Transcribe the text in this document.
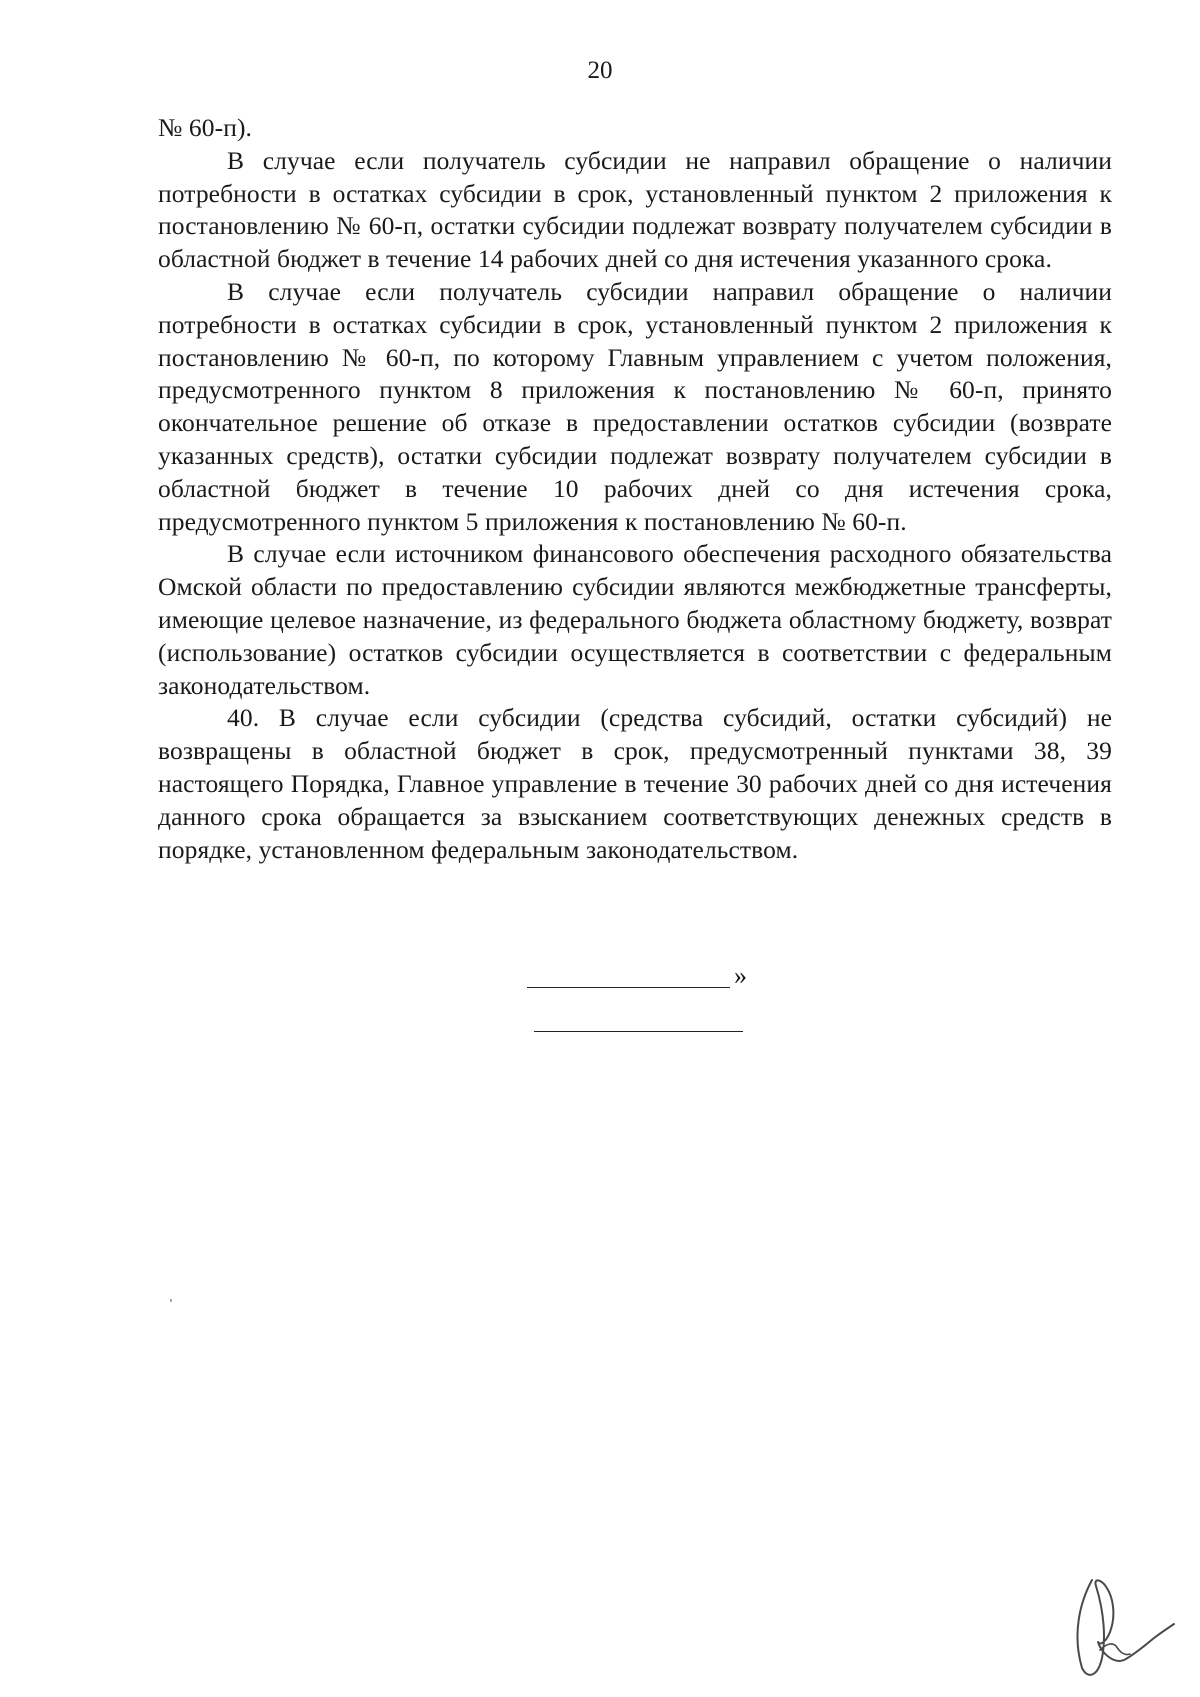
20

№ 60-п).

В случае если получатель субсидии не направил обращение о наличии потребности в остатках субсидии в срок, установленный пунктом 2 приложения к постановлению № 60-п, остатки субсидии подлежат возврату получателем субсидии в областной бюджет в течение 14 рабочих дней со дня истечения указанного срока.

В случае если получатель субсидии направил обращение о наличии потребности в остатках субсидии в срок, установленный пунктом 2 приложения к постановлению № 60-п, по которому Главным управлением с учетом положения, предусмотренного пунктом 8 приложения к постановлению № 60-п, принято окончательное решение об отказе в предоставлении остатков субсидии (возврате указанных средств), остатки субсидии подлежат возврату получателем субсидии в областной бюджет в течение 10 рабочих дней со дня истечения срока, предусмотренного пунктом 5 приложения к постановлению № 60-п.

В случае если источником финансового обеспечения расходного обязательства Омской области по предоставлению субсидии являются межбюджетные трансферты, имеющие целевое назначение, из федерального бюджета областному бюджету, возврат (использование) остатков субсидии осуществляется в соответствии с федеральным законодательством.

40. В случае если субсидии (средства субсидий, остатки субсидий) не возвращены в областной бюджет в срок, предусмотренный пунктами 38, 39 настоящего Порядка, Главное управление в течение 30 рабочих дней со дня истечения данного срока обращается за взысканием соответствующих денежных средств в порядке, установленном федеральным законодательством.

»
